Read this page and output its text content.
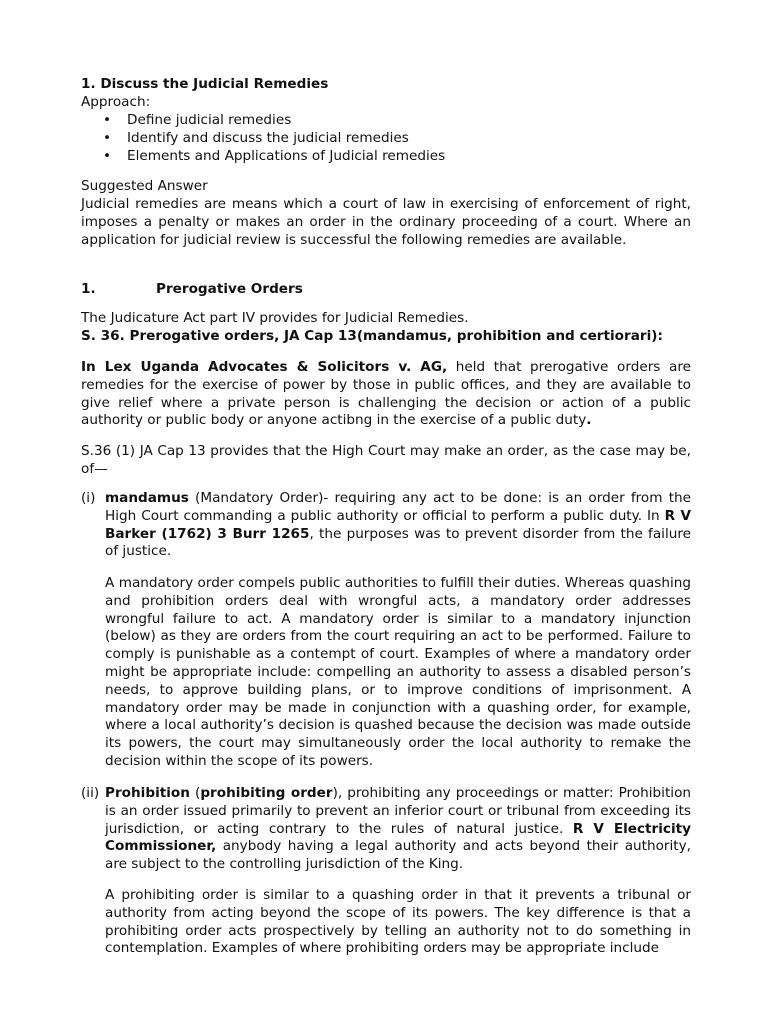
1. Discuss the Judicial Remedies
Approach:
• Define judicial remedies
• Identify and discuss the judicial remedies
• Elements and Applications of Judicial remedies
Suggested Answer
Judicial remedies are means which a court of law in exercising of enforcement of right, imposes a penalty or makes an order in the ordinary proceeding of a court. Where an application for judicial review is successful the following remedies are available.
1.	Prerogative Orders
The Judicature Act part IV provides for Judicial Remedies.
S. 36. Prerogative orders, JA Cap 13(mandamus, prohibition and certiorari):
In Lex Uganda Advocates & Solicitors v. AG, held that prerogative orders are remedies for the exercise of power by those in public offices, and they are available to give relief where a private person is challenging the decision or action of a public authority or public body or anyone actibng in the exercise of a public duty.
S.36 (1) JA Cap 13 provides that the High Court may make an order, as the case may be, of—
(i) mandamus (Mandatory Order)- requiring any act to be done: is an order from the High Court commanding a public authority or official to perform a public duty. In R V Barker (1762) 3 Burr 1265, the purposes was to prevent disorder from the failure of justice.
A mandatory order compels public authorities to fulfill their duties. Whereas quashing and prohibition orders deal with wrongful acts, a mandatory order addresses wrongful failure to act. A mandatory order is similar to a mandatory injunction (below) as they are orders from the court requiring an act to be performed. Failure to comply is punishable as a contempt of court. Examples of where a mandatory order might be appropriate include: compelling an authority to assess a disabled person’s needs, to approve building plans, or to improve conditions of imprisonment. A mandatory order may be made in conjunction with a quashing order, for example, where a local authority’s decision is quashed because the decision was made outside its powers, the court may simultaneously order the local authority to remake the decision within the scope of its powers.
(ii) Prohibition (prohibiting order), prohibiting any proceedings or matter: Prohibition is an order issued primarily to prevent an inferior court or tribunal from exceeding its jurisdiction, or acting contrary to the rules of natural justice. R V Electricity Commissioner, anybody having a legal authority and acts beyond their authority, are subject to the controlling jurisdiction of the King.
A prohibiting order is similar to a quashing order in that it prevents a tribunal or authority from acting beyond the scope of its powers. The key difference is that a prohibiting order acts prospectively by telling an authority not to do something in contemplation. Examples of where prohibiting orders may be appropriate include
